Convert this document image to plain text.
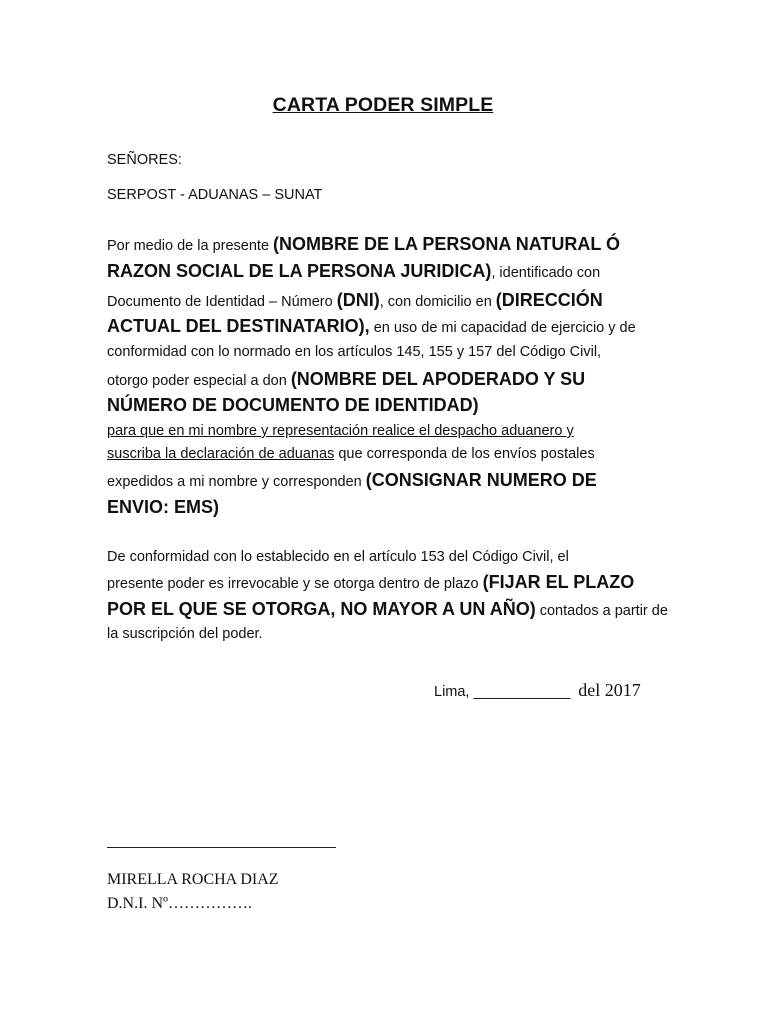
CARTA PODER SIMPLE
SEÑORES:
SERPOST - ADUANAS – SUNAT
Por medio de la presente (NOMBRE DE LA PERSONA NATURAL Ó
RAZON SOCIAL DE LA PERSONA JURIDICA), identificado con
Documento de Identidad – Número (DNI), con domicilio en (DIRECCIÓN
ACTUAL DEL DESTINATARIO), en uso de mi capacidad de ejercicio y de
conformidad con lo normado en los artículos 145, 155 y 157 del Código Civil,
otorgo poder especial a don (NOMBRE DEL APODERADO Y SU
NÚMERO DE DOCUMENTO DE IDENTIDAD)
para que en mi nombre y representación realice el despacho aduanero y
suscriba la declaración de aduanas que corresponda de los envíos postales
expedidos a mi nombre y corresponden (CONSIGNAR NUMERO DE
ENVIO: EMS)
De conformidad con lo establecido en el artículo 153 del Código Civil, el
presente poder es irrevocable y se otorga dentro de plazo (FIJAR EL PLAZO
POR EL QUE SE OTORGA, NO MAYOR A UN AÑO) contados a partir de
la suscripción del poder.
Lima, ____________ del 2017
MIRELLA ROCHA DIAZ
D.N.I. Nº…………….
